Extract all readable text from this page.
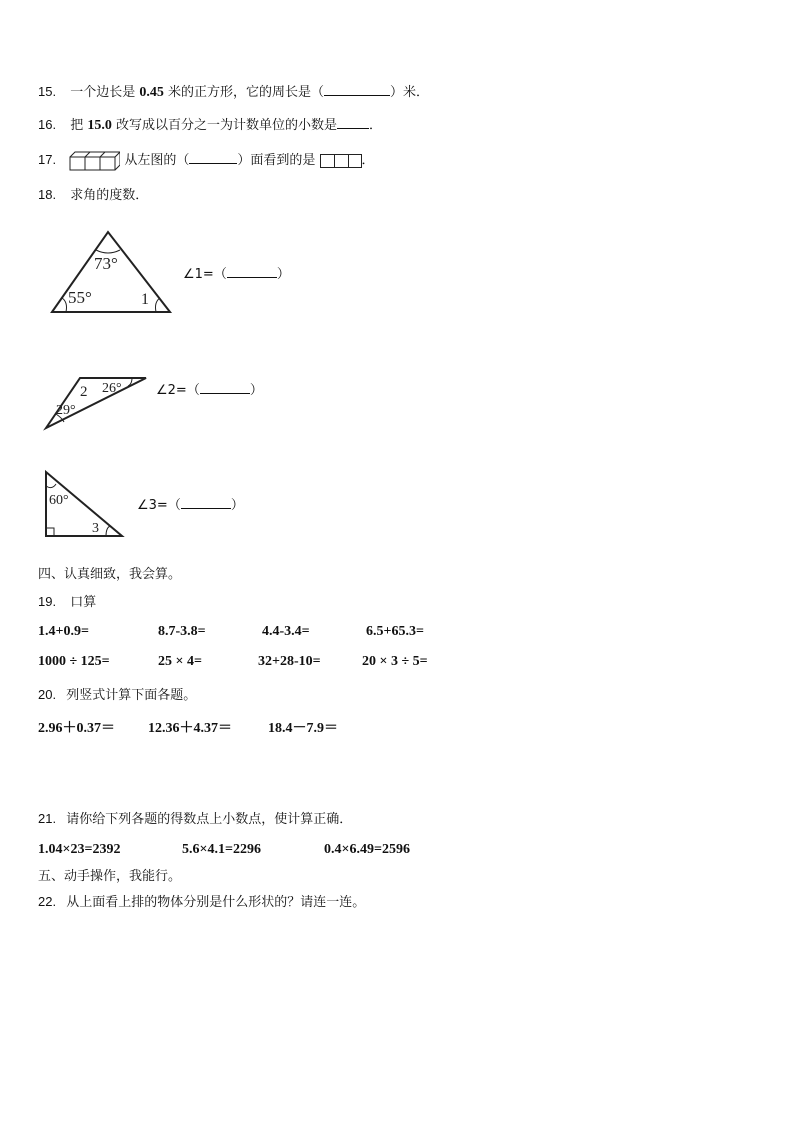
15. 一个边长是 0.45 米的正方形，它的周长是（	）米．
16. 把 15.0 改写成以百分之一为计数单位的小数是 ．
17.	从左图的（	）面看到的是	．
18. 求角的度数．
73°
55°	1
∠1=（	）
2 26°
29°
∠2=（	）
60°
3
∠3=（	）
四、认真细致，我会算。
19. 口算
1.4+0.9=	8.7-3.8=	4.4-3.4=	6.5+65.3=
1000 ÷ 125=	25 × 4=	32+28-10=	20 × 3 ÷ 5=
20. 列竖式计算下面各题。
2.96＋0.37＝ 12.36＋4.37＝	18.4－7.9＝
21. 请你给下列各题的得数点上小数点，使计算正确．
1.04×23=2392	5.6×4.1=2296	0.4×6.49=2596
五、动手操作，我能行。
22. 从上面看上排的物体分别是什么形状的？请连一连。
